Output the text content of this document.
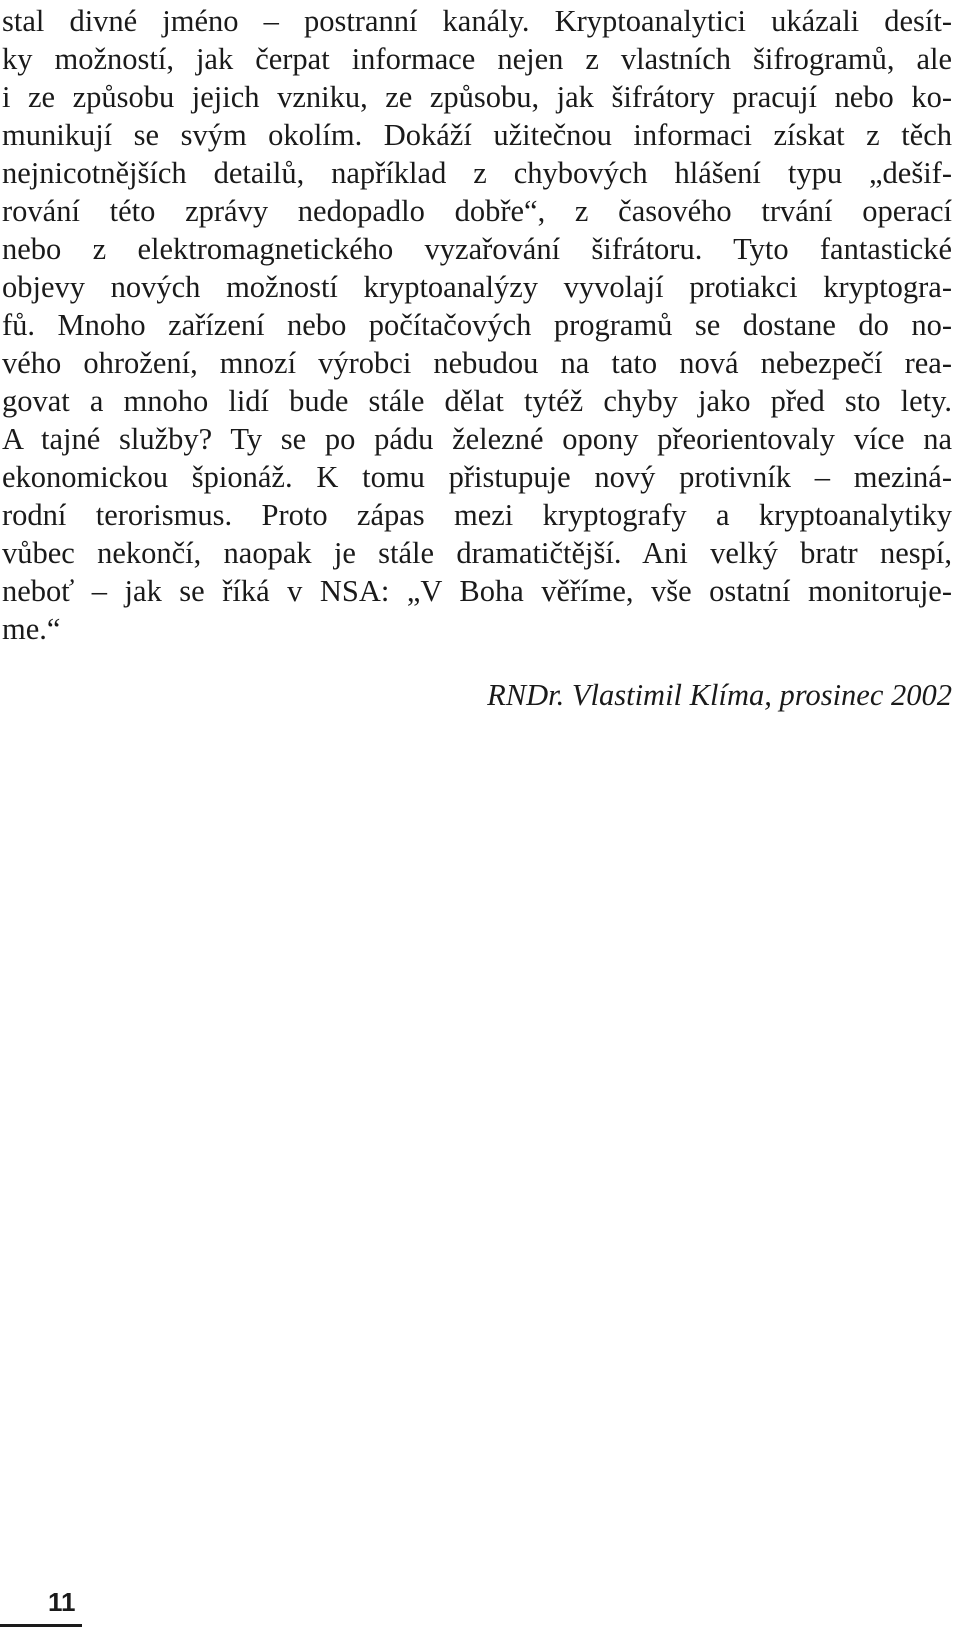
stal divné jméno – postranní kanály. Kryptoanalytici ukázali desít-
ky možností, jak čerpat informace nejen z vlastních šifrogramů, ale
i ze způsobu jejich vzniku, ze způsobu, jak šifrátory pracují nebo ko-
munikují se svým okolím. Dokáží užitečnou informaci získat z těch
nejnicotnějších detailů, například z chybových hlášení typu „dešif-
rování této zprávy nedopadlo dobře“, z časového trvání operací
nebo z elektromagnetického vyzařování šifrátoru. Tyto fantastické
objevy nových možností kryptoanalýzy vyvolají protiakci kryptogra-
fů. Mnoho zařízení nebo počítačových programů se dostane do no-
vého ohrožení, mnozí výrobci nebudou na tato nová nebezpečí rea-
govat a mnoho lidí bude stále dělat tytéž chyby jako před sto lety.
A tajné služby? Ty se po pádu železné opony přeorientovaly více na
ekonomickou špionáž. K tomu přistupuje nový protivník – meziná-
rodní terorismus. Proto zápas mezi kryptografy a kryptoanalytiky
vůbec nekončí, naopak je stále dramatičtější. Ani velký bratr nespí,
neboť – jak se říká v NSA: „V Boha věříme, vše ostatní monitoruje-
me.“
RNDr. Vlastimil Klíma, prosinec 2002
11
